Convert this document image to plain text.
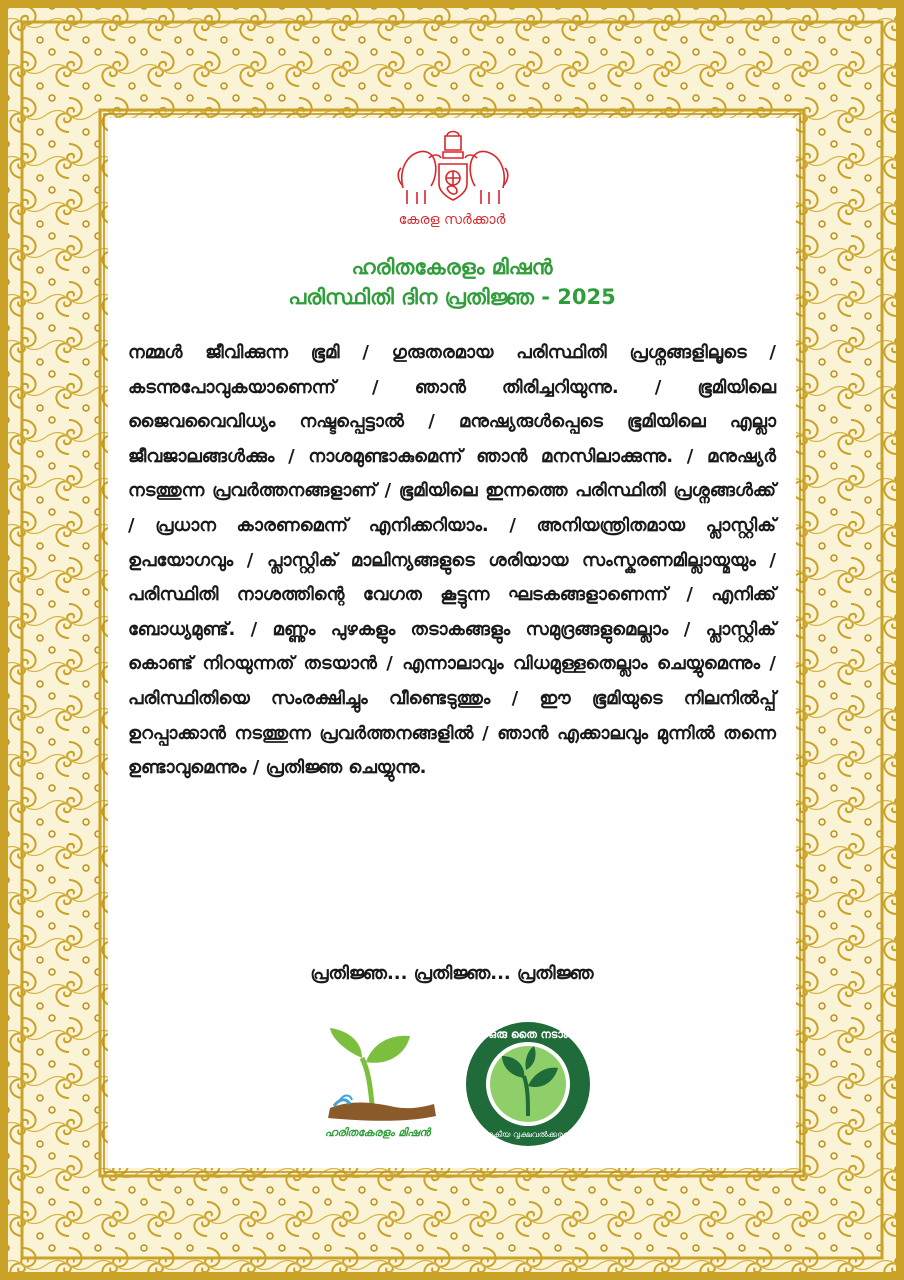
കേരള സർക്കാർ
ഹരിതകേരളം മിഷൻ
പരിസ്ഥിതി ദിന പ്രതിജ്ഞ - 2025

നമ്മൾ ജീവിക്കുന്ന ഭൂമി / ഗുരുതരമായ പരിസ്ഥിതി പ്രശ്നങ്ങളിലൂടെ / കടന്നുപോവുകയാണെന്ന് / ഞാൻ തിരിച്ചറിയുന്നു. / ഭൂമിയിലെ ജൈവവൈവിധ്യം നഷ്ടപ്പെട്ടാൽ / മനുഷ്യരുൾപ്പെടെ ഭൂമിയിലെ എല്ലാ ജീവജാലങ്ങൾക്കും / നാശമുണ്ടാകുമെന്ന് ഞാൻ മനസിലാക്കുന്നു. / മനുഷ്യർ നടത്തുന്ന പ്രവർത്തനങ്ങളാണ് / ഭൂമിയിലെ ഇന്നത്തെ പരിസ്ഥിതി പ്രശ്നങ്ങൾക്ക് / പ്രധാന കാരണമെന്ന് എനിക്കറിയാം. / അനിയന്ത്രിതമായ പ്ലാസ്റ്റിക് ഉപയോഗവും / പ്ലാസ്റ്റിക് മാലിന്യങ്ങളുടെ ശരിയായ സംസ്കരണമില്ലായ്മയും / പരിസ്ഥിതി നാശത്തിന്റെ വേഗത കൂട്ടുന്ന ഘടകങ്ങളാണെന്ന് / എനിക്ക് ബോധ്യമുണ്ട്. / മണ്ണും പുഴകളും തടാകങ്ങളും സമുദ്രങ്ങളുമെല്ലാം / പ്ലാസ്റ്റിക് കൊണ്ട് നിറയുന്നത് തടയാൻ / എന്നാലാവും വിധമുള്ളതെല്ലാം ചെയ്യുമെന്നും / പരിസ്ഥിതിയെ സംരക്ഷിച്ചും വീണ്ടെടുത്തും / ഈ ഭൂമിയുടെ നിലനിൽപ്പ് ഉറപ്പാക്കാൻ നടത്തുന്ന പ്രവർത്തനങ്ങളിൽ / ഞാൻ എക്കാലവും മുന്നിൽ തന്നെ ഉണ്ടാവുമെന്നും / പ്രതിജ്ഞ ചെയ്യുന്നു.

പ്രതിജ്ഞ... പ്രതിജ്ഞ... പ്രതിജ്ഞ
ഹരിതകേരളം മിഷൻ
ഒരു തൈ നടാം
ജനകീയ വൃക്ഷവൽക്കരണം
